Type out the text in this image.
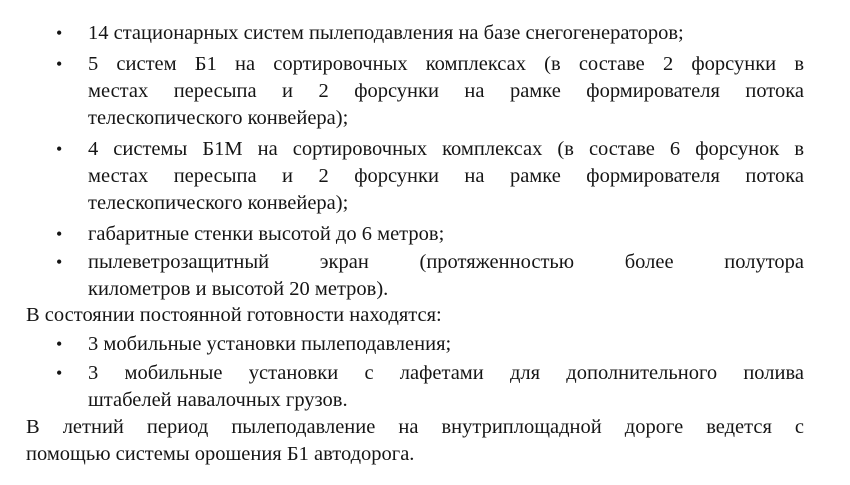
• 14 стационарных систем пылеподавления на базе снегогенераторов;
• 5 систем Б1 на сортировочных комплексах (в составе 2 форсунки в
местах пересыпа и 2 форсунки на рамке формирователя потока
телескопического конвейера);
• 4 системы Б1М на сортировочных комплексах (в составе 6 форсунок в
местах пересыпа и 2 форсунки на рамке формирователя потока
телескопического конвейера);
• габаритные стенки высотой до 6 метров;
• пылеветрозащитный экран (протяженностью более полутора
километров и высотой 20 метров).
В состоянии постоянной готовности находятся:
• 3 мобильные установки пылеподавления;
• 3 мобильные установки с лафетами для дополнительного полива
штабелей навалочных грузов.
В летний период пылеподавление на внутриплощадной дороге ведется с
помощью системы орошения Б1 автодорога.
